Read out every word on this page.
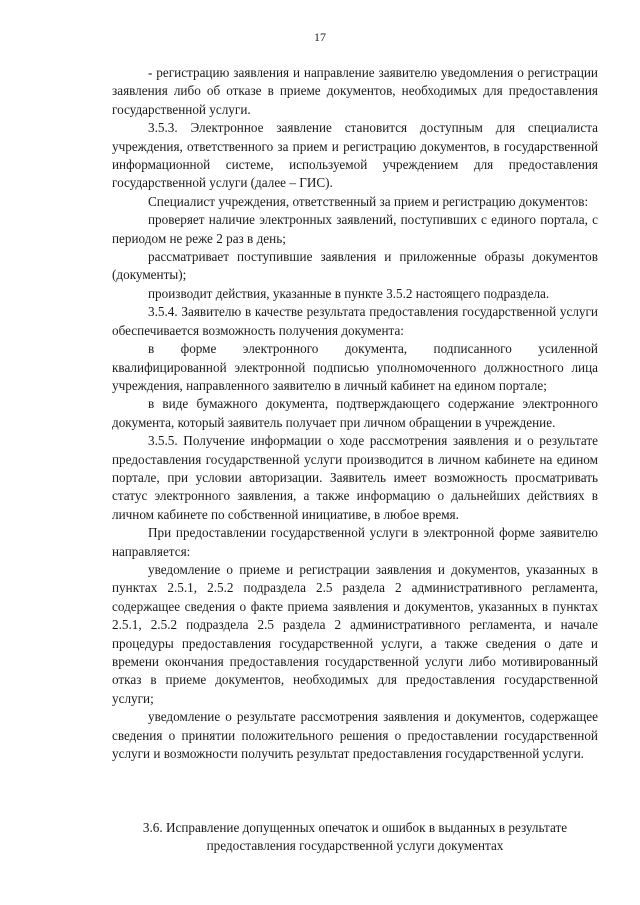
17

- регистрацию заявления и направление заявителю уведомления о регистрации заявления либо об отказе в приеме документов, необходимых для предоставления государственной услуги.

3.5.3. Электронное заявление становится доступным для специалиста учреждения, ответственного за прием и регистрацию документов, в государственной информационной системе, используемой учреждением для предоставления государственной услуги (далее – ГИС).

Специалист учреждения, ответственный за прием и регистрацию документов:

проверяет наличие электронных заявлений, поступивших с единого портала, с периодом не реже 2 раз в день;

рассматривает поступившие заявления и приложенные образы документов (документы);

производит действия, указанные в пункте 3.5.2 настоящего подраздела.

3.5.4. Заявителю в качестве результата предоставления государственной услуги обеспечивается возможность получения документа:

в форме электронного документа, подписанного усиленной квалифицированной электронной подписью уполномоченного должностного лица учреждения, направленного заявителю в личный кабинет на едином портале;

в виде бумажного документа, подтверждающего содержание электронного документа, который заявитель получает при личном обращении в учреждение.

3.5.5. Получение информации о ходе рассмотрения заявления и о результате предоставления государственной услуги производится в личном кабинете на едином портале, при условии авторизации. Заявитель имеет возможность просматривать статус электронного заявления, а также информацию о дальнейших действиях в личном кабинете по собственной инициативе, в любое время.

При предоставлении государственной услуги в электронной форме заявителю направляется:

уведомление о приеме и регистрации заявления и документов, указанных в пунктах 2.5.1, 2.5.2 подраздела 2.5 раздела 2 административного регламента, содержащее сведения о факте приема заявления и документов, указанных в пунктах 2.5.1, 2.5.2 подраздела 2.5 раздела 2 административного регламента, и начале процедуры предоставления государственной услуги, а также сведения о дате и времени окончания предоставления государственной услуги либо мотивированный отказ в приеме документов, необходимых для предоставления государственной услуги;

уведомление о результате рассмотрения заявления и документов, содержащее сведения о принятии положительного решения о предоставлении государственной услуги и возможности получить результат предоставления государственной услуги.

3.6. Исправление допущенных опечаток и ошибок в выданных в результате

предоставления государственной услуги документах
